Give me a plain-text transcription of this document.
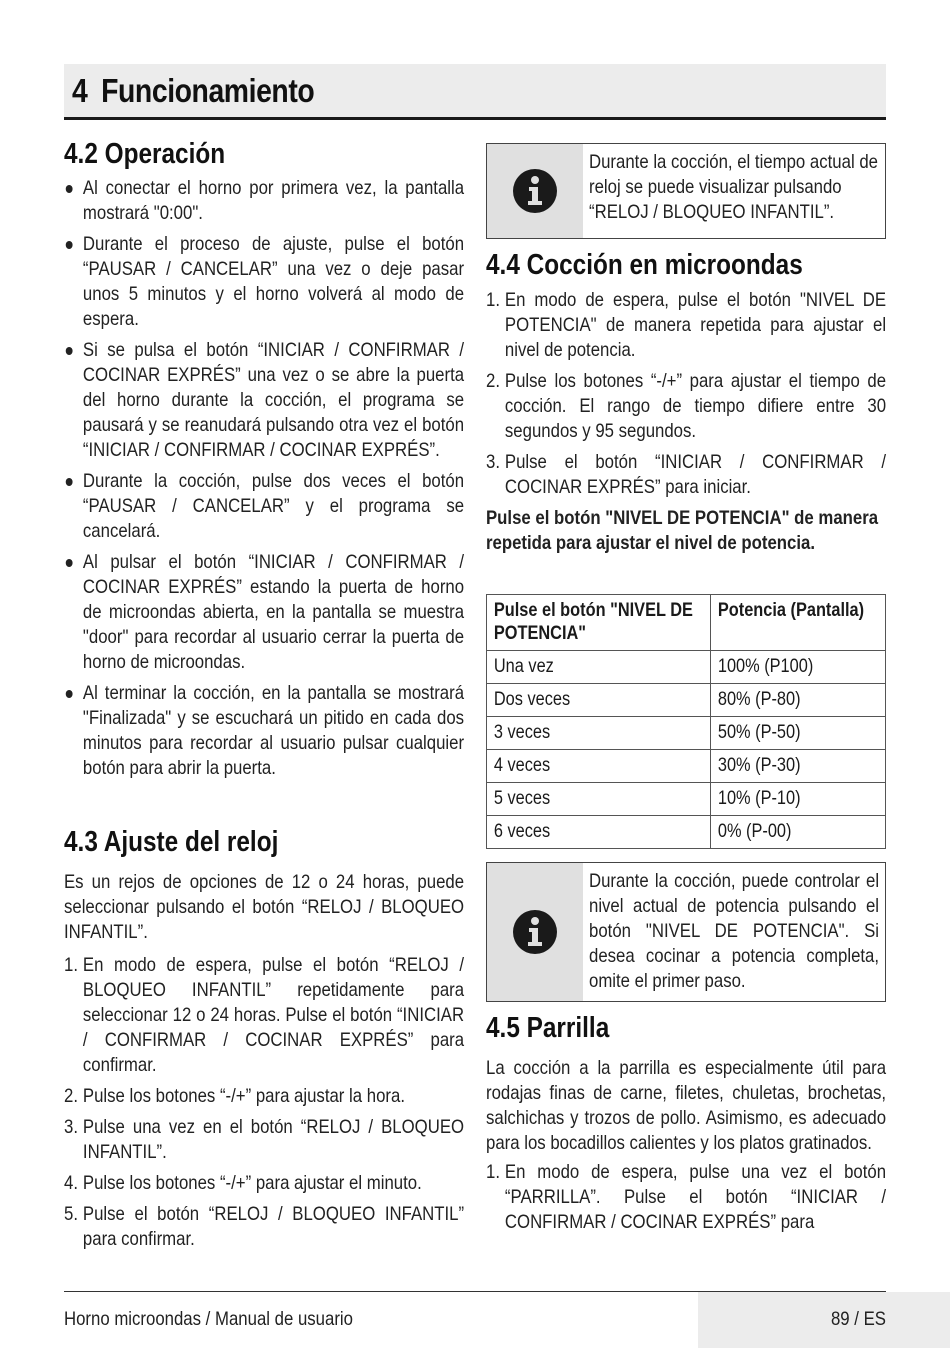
4 Funcionamiento
4.2 Operación
Al conectar el horno por primera vez, la pantalla mostrará "0:00".
Durante el proceso de ajuste, pulse el botón “PAUSAR / CANCELAR” una vez o deje pasar unos 5 minutos y el horno volverá al modo de espera.
Si se pulsa el botón “INICIAR / CONFIRMAR / COCINAR EXPRÉS” una vez o se abre la puerta del horno durante la cocción, el programa se pausará y se reanudará pulsando otra vez el botón “INICIAR / CONFIRMAR / COCINAR EXPRÉS”.
Durante la cocción, pulse dos veces el botón “PAUSAR / CANCELAR” y el programa se cancelará.
Al pulsar el botón “INICIAR / CONFIRMAR / COCINAR EXPRÉS” estando la puerta de horno de microondas abierta, en la pantalla se muestra "door" para recordar al usuario cerrar la puerta de horno de microondas.
Al terminar la cocción, en la pantalla se mostrará "Finalizada" y se escuchará un pitido en cada dos minutos para recordar al usuario pulsar cualquier botón para abrir la puerta.
4.3 Ajuste del reloj

Es un rejos de opciones de 12 o 24 horas, puede seleccionar pulsando el botón “RELOJ / BLOQUEO INFANTIL”.

1. En modo de espera, pulse el botón “RELOJ / BLOQUEO INFANTIL” repetidamente para seleccionar 12 o 24 horas. Pulse el botón “INICIAR / CONFIRMAR / COCINAR EXPRÉS” para confirmar.
2. Pulse los botones “-/+” para ajustar la hora.
3. Pulse una vez en el botón “RELOJ / BLOQUEO INFANTIL”.
4. Pulse los botones “-/+” para ajustar el minuto.
5. Pulse el botón “RELOJ / BLOQUEO INFANTIL” para confirmar.
Durante la cocción, el tiempo actual de reloj se puede visualizar pulsando “RELOJ / BLOQUEO INFANTIL”.
4.4 Cocción en microondas
1. En modo de espera, pulse el botón "NIVEL DE POTENCIA" de manera repetida para ajustar el nivel de potencia.
2. Pulse los botones “-/+” para ajustar el tiempo de cocción. El rango de tiempo difiere entre 30 segundos y 95 segundos.
3. Pulse el botón “INICIAR / CONFIRMAR / COCINAR EXPRÉS” para iniciar.

Pulse el botón "NIVEL DE POTENCIA" de manera repetida para ajustar el nivel de potencia.

Pulse el botón "NIVEL DE POTENCIA"	Potencia (Pantalla)

Una vez	100% (P100)

Dos veces	80% (P-80)

3 veces	50% (P-50)

4 veces	30% (P-30)

5 veces	10% (P-10)

6 veces	0% (P-00)
Durante la cocción, puede controlar el nivel actual de potencia pulsando el botón "NIVEL DE POTENCIA". Si desea cocinar a potencia completa, omite el primer paso.
4.5 Parrilla

La cocción a la parrilla es especialmente útil para rodajas finas de carne, filetes, chuletas, brochetas, salchichas y trozos de pollo. Asimismo, es adecuado para los bocadillos calientes y los platos gratinados.

1. En modo de espera, pulse una vez el botón “PARRILLA”. Pulse el botón “INICIAR / CONFIRMAR / COCINAR EXPRÉS” para
Horno microondas / Manual de usuario	89 / ES
